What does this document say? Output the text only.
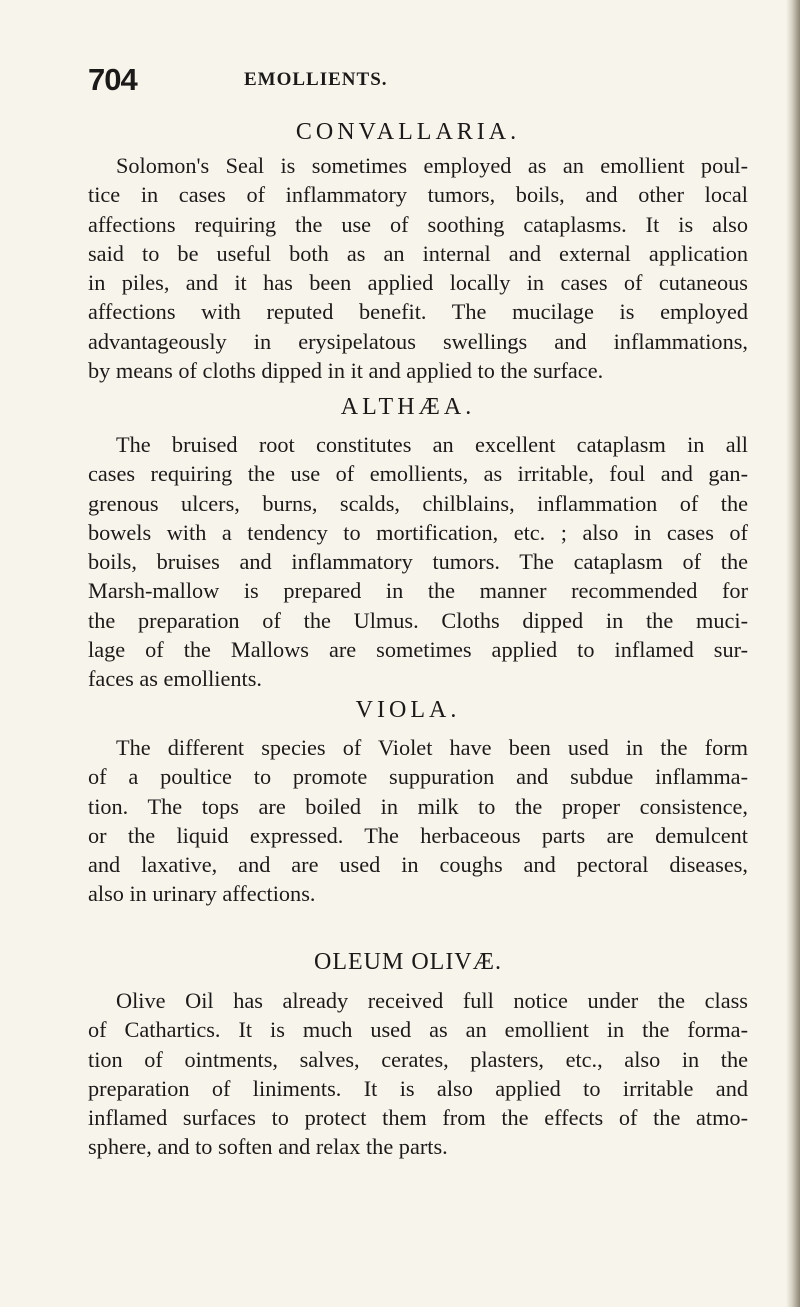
704	EMOLLIENTS.
CONVALLARIA.
Solomon's Seal is sometimes employed as an emollient poul-
tice in cases of inflammatory tumors, boils, and other local
affections requiring the use of soothing cataplasms. It is also
said to be useful both as an internal and external application
in piles, and it has been applied locally in cases of cutaneous
affections with reputed benefit. The mucilage is employed
advantageously in erysipelatous swellings and inflammations,
by means of cloths dipped in it and applied to the surface.
ALTHÆA.
The bruised root constitutes an excellent cataplasm in all
cases requiring the use of emollients, as irritable, foul and gan-
grenous ulcers, burns, scalds, chilblains, inflammation of the
bowels with a tendency to mortification, etc. ; also in cases of
boils, bruises and inflammatory tumors. The cataplasm of the
Marsh-mallow is prepared in the manner recommended for
the preparation of the Ulmus. Cloths dipped in the muci-
lage of the Mallows are sometimes applied to inflamed sur-
faces as emollients.
VIOLA.
The different species of Violet have been used in the form
of a poultice to promote suppuration and subdue inflamma-
tion. The tops are boiled in milk to the proper consistence,
or the liquid expressed. The herbaceous parts are demulcent
and laxative, and are used in coughs and pectoral diseases,
also in urinary affections.
OLEUM OLIVÆ.
Olive Oil has already received full notice under the class
of Cathartics. It is much used as an emollient in the forma-
tion of ointments, salves, cerates, plasters, etc., also in the
preparation of liniments. It is also applied to irritable and
inflamed surfaces to protect them from the effects of the atmo-
sphere, and to soften and relax the parts.
